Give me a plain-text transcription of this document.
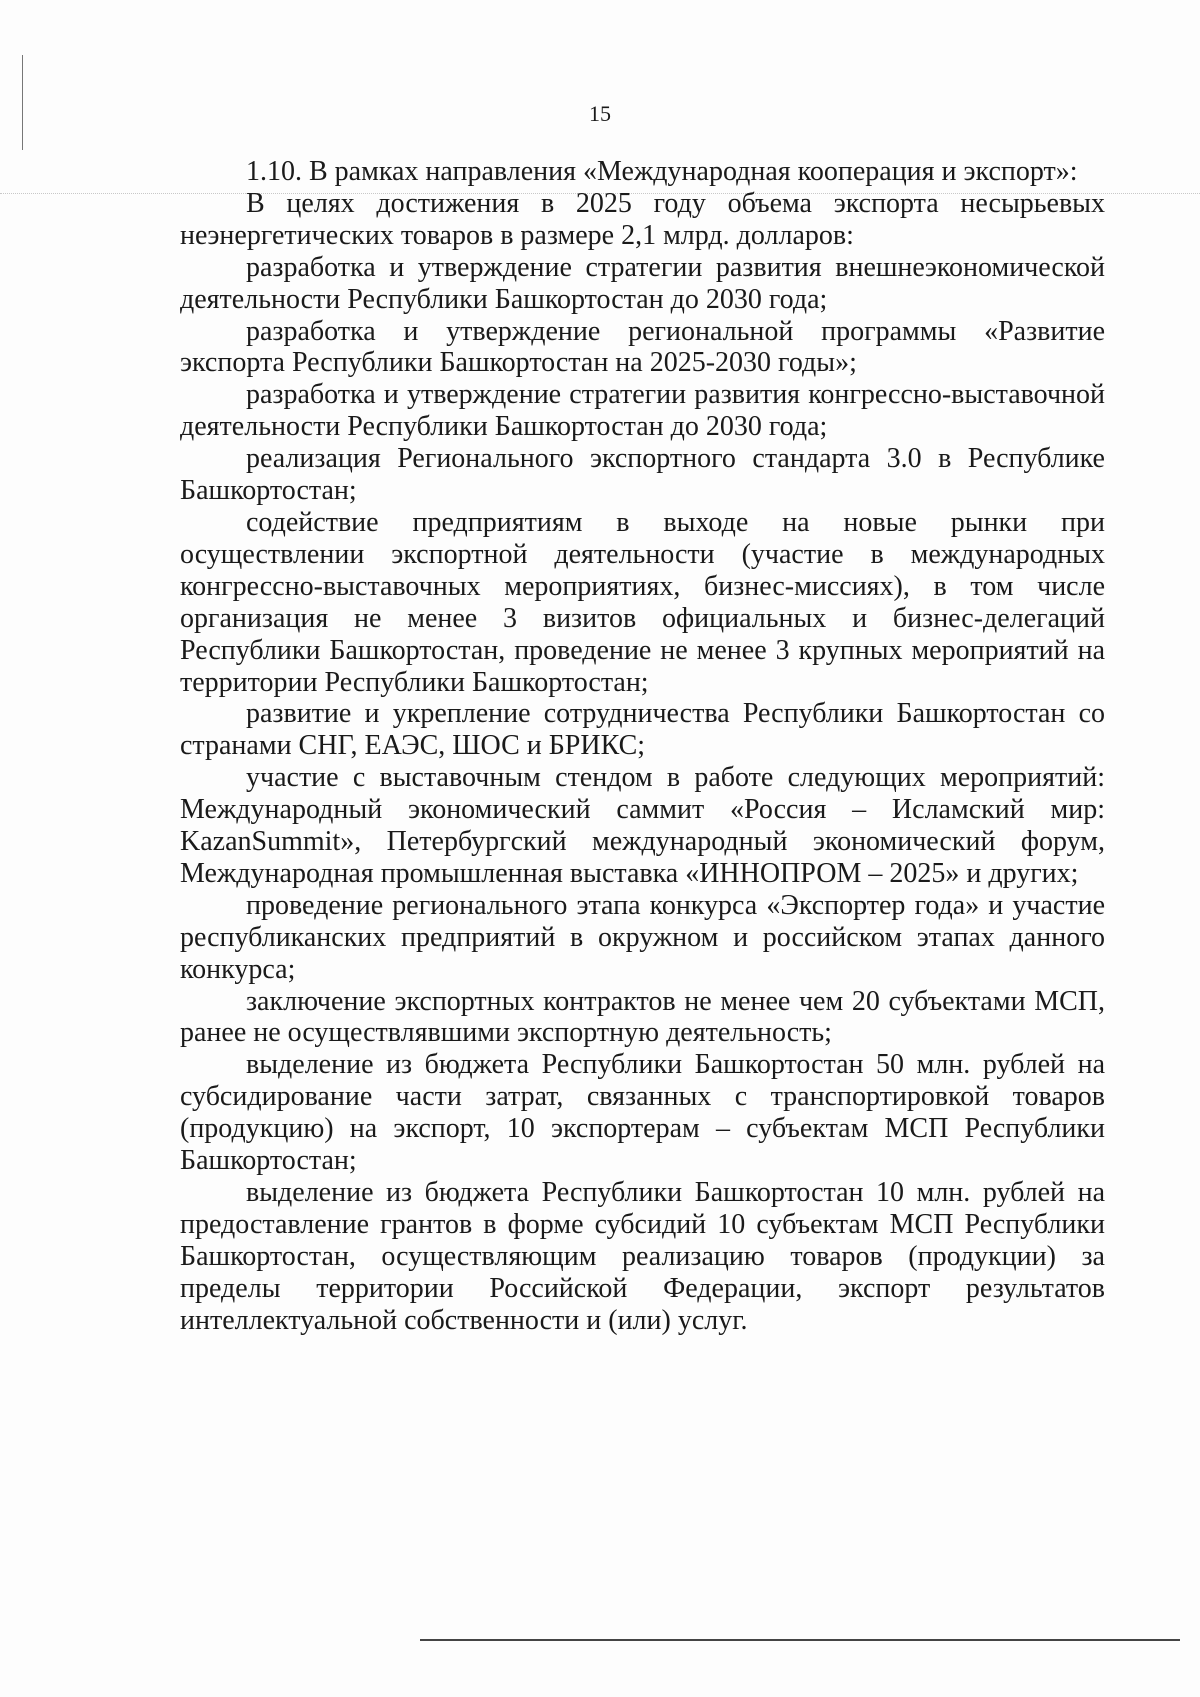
15

1.10. В рамках направления «Международная кооперация и экспорт»:

В целях достижения в 2025 году объема экспорта несырьевых неэнергетических товаров в размере 2,1 млрд. долларов:

разработка и утверждение стратегии развития внешнеэкономической деятельности Республики Башкортостан до 2030 года;

разработка и утверждение региональной программы «Развитие экспорта Республики Башкортостан на 2025-2030 годы»;

разработка и утверждение стратегии развития конгрессно-выставочной деятельности Республики Башкортостан до 2030 года;

реализация Регионального экспортного стандарта 3.0 в Республике Башкортостан;

содействие предприятиям в выходе на новые рынки при осуществлении экспортной деятельности (участие в международных конгрессно-выставочных мероприятиях, бизнес-миссиях), в том числе организация не менее 3 визитов официальных и бизнес-делегаций Республики Башкортостан, проведение не менее 3 крупных мероприятий на территории Республики Башкортостан;

развитие и укрепление сотрудничества Республики Башкортостан со странами СНГ, ЕАЭС, ШОС и БРИКС;

участие с выставочным стендом в работе следующих мероприятий: Международный экономический саммит «Россия – Исламский мир: KazanSummit», Петербургский международный экономический форум, Международная промышленная выставка «ИННОПРОМ – 2025» и других;

проведение регионального этапа конкурса «Экспортер года» и участие республиканских предприятий в окружном и российском этапах данного конкурса;

заключение экспортных контрактов не менее чем 20 субъектами МСП, ранее не осуществлявшими экспортную деятельность;

выделение из бюджета Республики Башкортостан 50 млн. рублей на субсидирование части затрат, связанных с транспортировкой товаров (продукцию) на экспорт, 10 экспортерам – субъектам МСП Республики Башкортостан;

выделение из бюджета Республики Башкортостан 10 млн. рублей на предоставление грантов в форме субсидий 10 субъектам МСП Республики Башкортостан, осуществляющим реализацию товаров (продукции) за пределы территории Российской Федерации, экспорт результатов интеллектуальной собственности и (или) услуг.
